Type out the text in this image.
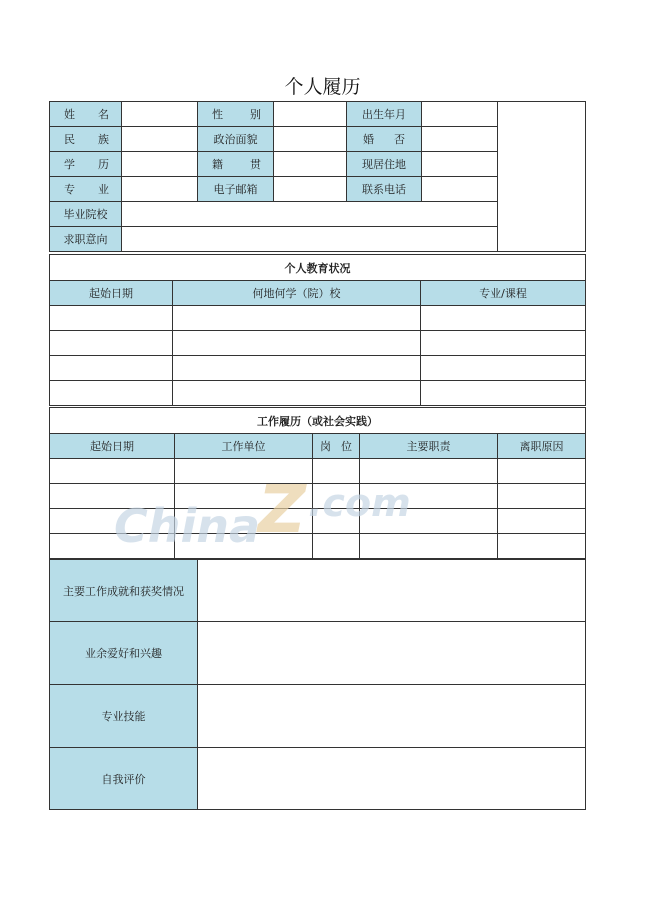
个人履历
姓 名	性 别	出生年月
民 族	政治面貌	婚 否
学 历	籍 贯	现居住地
专 业	电子邮箱	联系电话
毕业院校
求职意向
个人教育状况
起始日期	何地何学（院）校	专业/课程
工作履历（或社会实践）
起始日期	工作单位	岗 位	主要职责	离职原因
主要工作成就和获奖情况
业余爱好和兴趣
专业技能
自我评价
China
Z .com
